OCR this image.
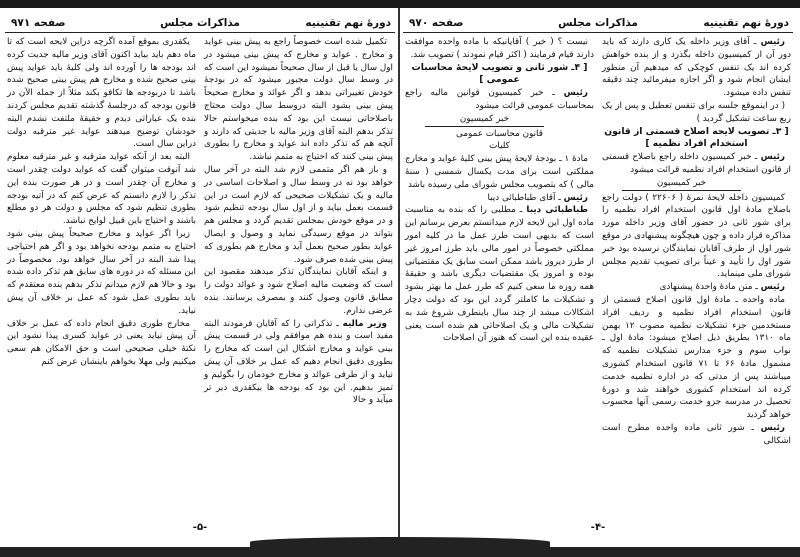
دورهٔ نهم تقنینیه
مذاکرات مجلس
صفحه ۹۷۱

تکمیل شده است خصوصاً راجع به پیش بینی عواید و مخارج . عواید و مخارج که پیش بینی میشود در اول سال یا قبل از سال صحیحاً نمیشود این است که در وسط سال دولت مجبور میشود که در بودجهٔ خودش تغییراتی بدهد و اگر عوائد و مخارج صحیحاً پیش بینی بشود البته دروسط سال دولت محتاج باصلاحاتی نیست این بود که بنده میخواستم حالا تذکر بدهم البته آقای وزیر مالیه با جدیتی که دارند و آنچه هم که تذکر داده اند عواید و مخارج را بطوری پیش بینی کنند که احتیاج به متمم نباشد.

و باز هم اگر متممی لازم شد البته در آخر سال خواهد بود نه در وسط سال و اصلاحات اساسی در مالیه و یک تشکیلات صحیحی که لازم است در این قسمت بعمل بیاید و از اول سال بودجه تنظیم شود و در موقع خودش بمجلس تقدیم گردد و مجلس هم بتواند در موقع رسیدگی نماید و وصول و ایصال عواید بطور صحیح بعمل آید و مخارج هم بطوری که پیش بینی شده صرف شود.

و اینکه آقایان نمایندگان تذکر میدهند مقصود این است که وضعیت مالیه اصلاح شود و عوائد دولت را مطابق قانون وصول کنند و بمصرف برسانند. بنده عرضی ندارم.

وزیر مالیه ـ تذکراتی را که آقایان فرمودند البته مفید است و بنده هم موافقم ولی در قسمت پیش بینی عواید و مخارج اشکال این است که مخارج را بطوری دقیق انجام دهیم که عمل بر خلاف آن پیش نیاید و از طرفی عوائد و مخارج خودمان را بگوئیم و تمیز بدهیم. این بود که بودجه ها بیکقدری دیر تر میآید و حالا

یکقدری بموقع آمده اگرچه دراین لایحه است که تا ماه دهم باید بیاید اکنون آقای وزیر مالیه جدیت کرده اند بودجه ها را آورده اند ولی کلیهٔ باید عواید پیش بینی صحیح شده و مخارج هم پیش بینی صحیح شده باشد تا دربودجه ها تکافو بکند مثلاً از جمله الآن در قانون بودجه که درجلسهٔ گذشته تقدیم مجلس کردند بنده یک عباراتی دیدم و حقیقهٔ ملتفت نشدم البته خودشان توضیح میدهند عواید غیر مترقبه دولت دراین سال است.

البته بعد از آنکه عواید مترقبه و غیر مترقبه معلوم شد آنوقت میتوان گفت که عواید دولت چقدر است و مخارج آن چقدر است و در هر صورت بنده این تذکر را لازم دانستم که عرض کنم که در آتیه بودجه بطوری تنظیم شود که مجلس و دولت هر دو مطلع باشند و احتیاج باین قبیل لوایح نباشد.

زیرا اگر عواید و مخارج صحیحاً پیش بینی شود احتیاج به متمم بودجه نخواهد بود و اگر هم احتیاجی پیدا شد البته در آخر سال خواهد بود. مخصوصاً در این مسئله که در دوره های سابق هم تذکر داده شده بود و حالا هم لازم میدانم تذکر بدهم بنده معتقدم که باید بطوری عمل شود که عمل بر خلاف آن پیش نیاید.

مخارج طوری دقیق انجام داده که عمل بر خلاف آن پیش نیاید یعنی در عواید کسری پیدا نشود این نکتهٔ خیلی صحیحی است و حق الامکان هم سعی میکنیم ولی مهلا بخواهم باینشان عرض کنم

-۵-
دورهٔ نهم تقنینیه
مذاکرات مجلس
صفحه ۹۷۰

رئیس ـ آقای وزیر داخله یک کاری دارند که باید دور آن از کمیسیون داخله بگذرد و از بنده خواهش کرده اند یک تنفس کوچکی که میدهیم آن منظور ایشان انجام شود و اگر اجازه میفرمائید چند دقیقه تنفس داده میشود.

( در اینموقع جلسه برای تنفس تعطیل و پس از یک ربع ساعت تشکیل گردید )

[ ۳ـ تصویب لایحه اصلاح قسمتی از قانون استخدام افراد نظمیه ]

رئیس ـ خبر کمیسیون داخله راجع باصلاح قسمتی از قانون استخدام افراد نظمیه قرائت میشود

خبر کمیسیون

کمیسیون داخله لایحهٔ نمرهٔ ( ۲۲۶۰۶ ) دولت راجع باصلاح مادهٔ اول قانون استخدام افراد نظمیه را برای شور ثانی در حضور آقای وزیر داخله مورد مذاکره قرار داده و چون هیچگونه پیشنهادی در موقع شور اول از طرف آقایان نمایندگان نرسیده بود خبر شور اول را تأیید و عیناً برای تصویب تقدیم مجلس شورای ملی مینماید.

رئیس ـ متن مادهٔ واحدهٔ پیشنهادی

ماده واحده ـ مادهٔ اول قانون اصلاح قسمتی از قانون استخدام افراد نظمیه و ردیف افراد مستخدمین جزء تشکیلات نظمیه مصوب ۱۲ بهمن ماه ۱۳۱۰ بطریق ذیل اصلاح میشود: مادهٔ اول ـ نواب سوم و جزء مدارس تشکیلات نظمیه که مشمول مادهٔ ۶۶ تا ۷۱ قانون استخدام کشوری میباشند پس از مدتی که در اداره نظمیه خدمت کرده اند استخدام کشوری خواهند شد و دورهٔ تحصیل در مدرسه جزو خدمت رسمی آنها محسوب خواهد گردید

رئیس ـ شور ثانی ماده واحده مطرح است اشکالی

نیست ؟ ( خیر ) آقایانیکه با ماده واحده موافقت دارند قیام فرمایند ( اکثر قیام نمودند ) تصویب شد.

[ ۴ـ شور ثانی و تصویب لایحهٔ محاسبات عمومی ]

رئیس ـ خبر کمیسیون قوانین مالیه راجع بمحاسبات عمومی قرائت میشود

خبر کمیسیون

قانون محاسبات عمومی

کلیات

مادهٔ ۱ ـ بودجهٔ لایحهٔ پیش بینی کلیهٔ عواید و مخارج مملکتی است برای مدت یکسال شمسی ( سنهٔ مالی ) که بتصویب مجلس شورای ملی رسیده باشد

رئیس ـ آقای طباطبائی دیبا

طباطبائی دیبا ـ مطلبی را که بنده به مناسبت ماده اول این لایحه لازم میدانستم بعرض برسانم این است که بدیهی است طرز عمل ما در کلیه امور مملکتی خصوصاً در امور مالی باید طرز امروز غیر از طرز دیروز باشد ممکن است سابق یک مقتضیاتی بوده و امروز یک مقتضیات دیگری باشد و حقیقهٔ همه روزه ما سعی کنیم که طرز عمل ما بهتر بشود و تشکیلات ما کاملتر گردد این بود که دولت دچار اشکالات میشد از چند سال باینطرف شروع شد به تشکیلات مالی و یک اصلاحاتی هم شده است یعنی عقیده بنده این است که هنوز آن اصلاحات

-۴-
